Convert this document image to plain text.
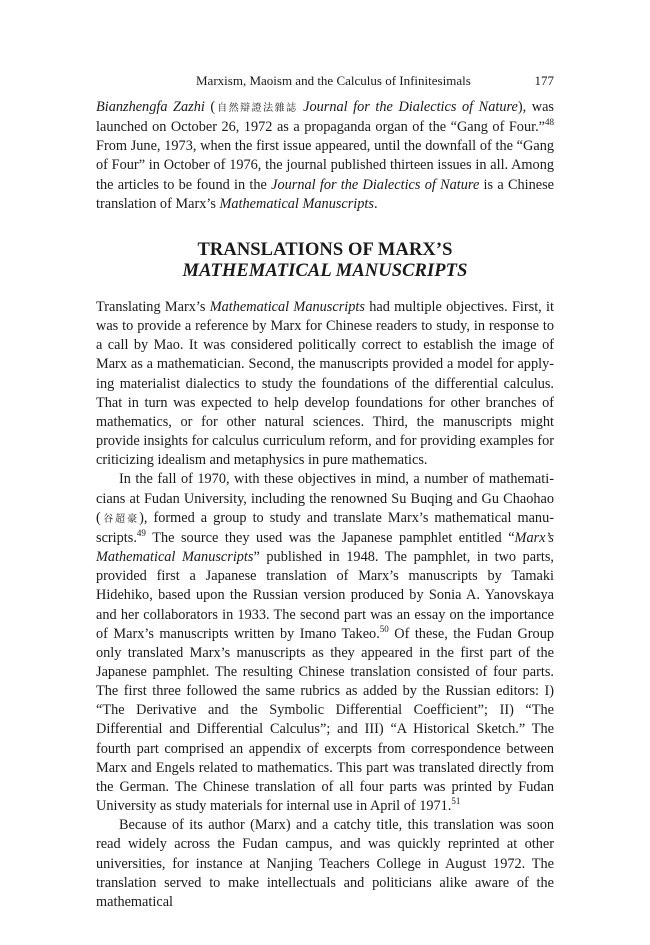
Marxism, Maoism and the Calculus of Infinitesimals	177

Bianzhengfa Zazhi (自然辯證法雜誌 Journal for the Dialectics of Nature), was launched on October 26, 1972 as a propaganda organ of the “Gang of Four.”$^{48}$ From June, 1973, when the first issue appeared, until the downfall of the “Gang of Four” in October of 1976, the journal published thirteen issues in all. Among the articles to be found in the Journal for the Dialectics of Nature is a Chinese translation of Marx’s Mathematical Manuscripts.

TRANSLATIONS OF MARX’S
MATHEMATICAL MANUSCRIPTS

Translating Marx’s Mathematical Manuscripts had multiple objectives. First, it was to provide a reference by Marx for Chinese readers to study, in response to a call by Mao. It was considered politically correct to establish the image of Marx as a mathematician. Second, the manuscripts provided a model for applying materialist dialectics to study the foundations of the differential calculus. That in turn was expected to help develop foundations for other branches of mathematics, or for other natural sciences. Third, the manuscripts might provide insights for calculus curriculum reform, and for providing examples for criticizing idealism and metaphysics in pure mathematics.

In the fall of 1970, with these objectives in mind, a number of mathematicians at Fudan University, including the renowned Su Buqing and Gu Chaohao (谷超豪), formed a group to study and translate Marx’s mathematical manuscripts.$^{49}$ The source they used was the Japanese pamphlet entitled “Marx’s Mathematical Manuscripts” published in 1948. The pamphlet, in two parts, provided first a Japanese translation of Marx’s manuscripts by Tamaki Hidehiko, based upon the Russian version produced by Sonia A. Yanovskaya and her collaborators in 1933. The second part was an essay on the importance of Marx’s manuscripts written by Imano Takeo.$^{50}$ Of these, the Fudan Group only translated Marx’s manuscripts as they appeared in the first part of the Japanese pamphlet. The resulting Chinese translation consisted of four parts. The first three followed the same rubrics as added by the Russian editors: I) “The Derivative and the Symbolic Differential Coefficient”; II) “The Differential and Differential Calculus”; and III) “A Historical Sketch.” The fourth part comprised an appendix of excerpts from correspondence between Marx and Engels related to mathematics. This part was translated directly from the German. The Chinese translation of all four parts was printed by Fudan University as study materials for internal use in April of 1971.51

Because of its author (Marx) and a catchy title, this translation was soon read widely across the Fudan campus, and was quickly reprinted at other universities, for instance at Nanjing Teachers College in August 1972. The translation served to make intellectuals and politicians alike aware of the mathematical
